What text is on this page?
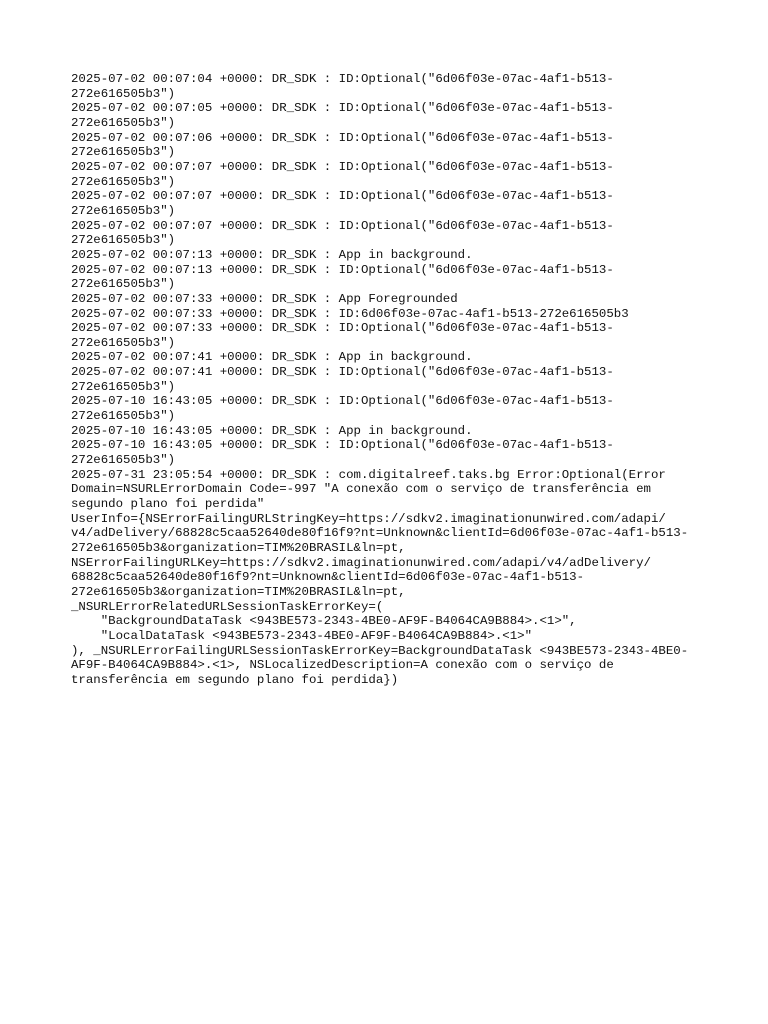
2025-07-02 00:07:04 +0000: DR_SDK : ID:Optional("6d06f03e-07ac-4af1-b513-
272e616505b3")
2025-07-02 00:07:05 +0000: DR_SDK : ID:Optional("6d06f03e-07ac-4af1-b513-
272e616505b3")
2025-07-02 00:07:06 +0000: DR_SDK : ID:Optional("6d06f03e-07ac-4af1-b513-
272e616505b3")
2025-07-02 00:07:07 +0000: DR_SDK : ID:Optional("6d06f03e-07ac-4af1-b513-
272e616505b3")
2025-07-02 00:07:07 +0000: DR_SDK : ID:Optional("6d06f03e-07ac-4af1-b513-
272e616505b3")
2025-07-02 00:07:07 +0000: DR_SDK : ID:Optional("6d06f03e-07ac-4af1-b513-
272e616505b3")
2025-07-02 00:07:13 +0000: DR_SDK : App in background.
2025-07-02 00:07:13 +0000: DR_SDK : ID:Optional("6d06f03e-07ac-4af1-b513-
272e616505b3")
2025-07-02 00:07:33 +0000: DR_SDK : App Foregrounded
2025-07-02 00:07:33 +0000: DR_SDK : ID:6d06f03e-07ac-4af1-b513-272e616505b3
2025-07-02 00:07:33 +0000: DR_SDK : ID:Optional("6d06f03e-07ac-4af1-b513-
272e616505b3")
2025-07-02 00:07:41 +0000: DR_SDK : App in background.
2025-07-02 00:07:41 +0000: DR_SDK : ID:Optional("6d06f03e-07ac-4af1-b513-
272e616505b3")
2025-07-10 16:43:05 +0000: DR_SDK : ID:Optional("6d06f03e-07ac-4af1-b513-
272e616505b3")
2025-07-10 16:43:05 +0000: DR_SDK : App in background.
2025-07-10 16:43:05 +0000: DR_SDK : ID:Optional("6d06f03e-07ac-4af1-b513-
272e616505b3")
2025-07-31 23:05:54 +0000: DR_SDK : com.digitalreef.taks.bg Error:Optional(Error
Domain=NSURLErrorDomain Code=-997 "A conexão com o serviço de transferência em
segundo plano foi perdida"
UserInfo={NSErrorFailingURLStringKey=https://sdkv2.imaginationunwired.com/adapi/
v4/adDelivery/68828c5caa52640de80f16f9?nt=Unknown&clientId=6d06f03e-07ac-4af1-b513-
272e616505b3&organization=TIM%20BRASIL&ln=pt,
NSErrorFailingURLKey=https://sdkv2.imaginationunwired.com/adapi/v4/adDelivery/
68828c5caa52640de80f16f9?nt=Unknown&clientId=6d06f03e-07ac-4af1-b513-
272e616505b3&organization=TIM%20BRASIL&ln=pt,
_NSURLErrorRelatedURLSessionTaskErrorKey=(
"BackgroundDataTask <943BE573-2343-4BE0-AF9F-B4064CA9B884>.<1>",
"LocalDataTask <943BE573-2343-4BE0-AF9F-B4064CA9B884>.<1>"
), _NSURLErrorFailingURLSessionTaskErrorKey=BackgroundDataTask <943BE573-2343-4BE0-
AF9F-B4064CA9B884>.<1>, NSLocalizedDescription=A conexão com o serviço de
transferência em segundo plano foi perdida})
